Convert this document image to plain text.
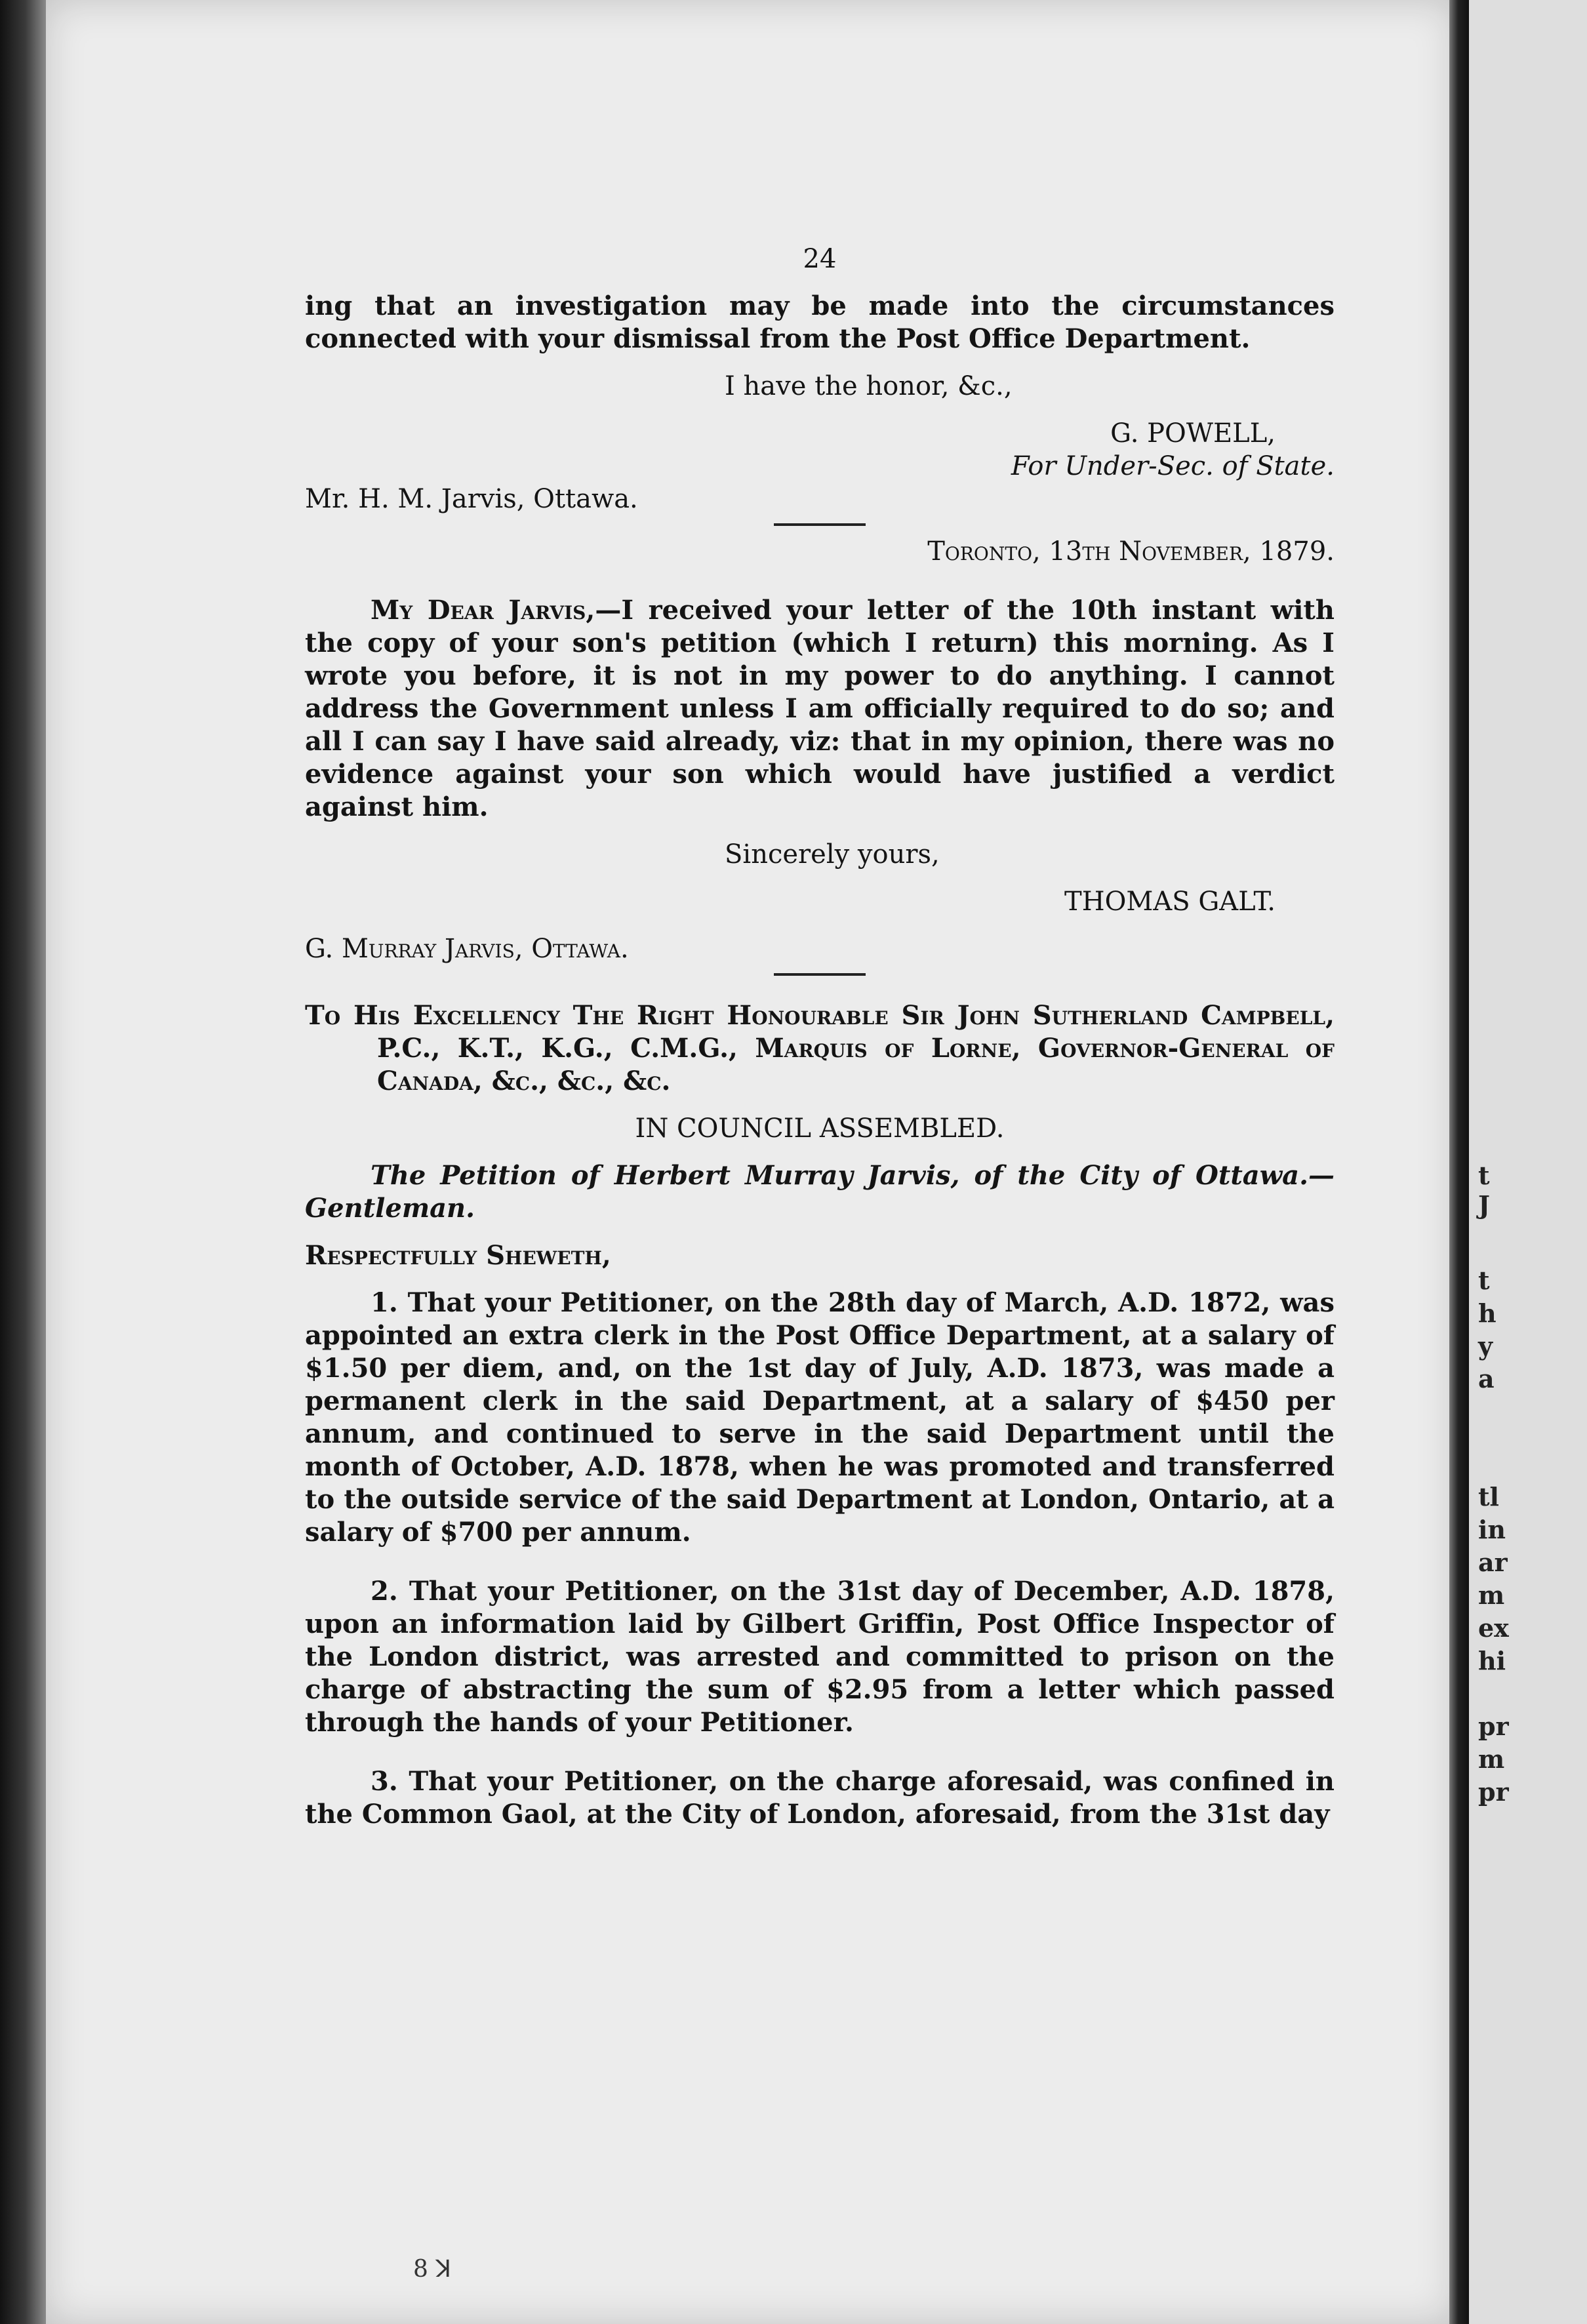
24

ing that an investigation may be made into the circumstances connected with your dismissal from the Post Office Department.

I have the honor, &c.,

G. POWELL,

For Under-Sec. of State.

Mr. H. M. Jarvis, Ottawa.

Toronto, 13th November, 1879.

My Dear Jarvis,—I received your letter of the 10th instant with the copy of your son's petition (which I return) this morning. As I wrote you before, it is not in my power to do anything. I cannot address the Government unless I am officially required to do so; and all I can say I have said already, viz: that in my opinion, there was no evidence against your son which would have justified a verdict against him.

Sincerely yours,

THOMAS GALT.

G. Murray Jarvis, Ottawa.

To His Excellency The Right Honourable Sir John Sutherland Campbell, P.C., K.T., K.G., C.M.G., Marquis of Lorne, Governor-General of Canada, &c., &c., &c.

IN COUNCIL ASSEMBLED.

The Petition of Herbert Murray Jarvis, of the City of Ottawa.—Gentleman.

Respectfully Sheweth,

1. That your Petitioner, on the 28th day of March, A.D. 1872, was appointed an extra clerk in the Post Office Department, at a salary of $1.50 per diem, and, on the 1st day of July, A.D. 1873, was made a permanent clerk in the said Department, at a salary of $450 per annum, and continued to serve in the said Department until the month of October, A.D. 1878, when he was promoted and transferred to the outside service of the said Department at London, Ontario, at a salary of $700 per annum.

2. That your Petitioner, on the 31st day of December, A.D. 1878, upon an information laid by Gilbert Griffin, Post Office Inspector of the London district, was arrested and committed to prison on the charge of abstracting the sum of $2.95 from a letter which passed through the hands of your Petitioner.

3. That your Petitioner, on the charge aforesaid, was confined in the Common Gaol, at the City of London, aforesaid, from the 31st day

8 ꓘ
t
J
t
h
y
a
tl
in
ar
m
ex
hi
pr
m
pr
